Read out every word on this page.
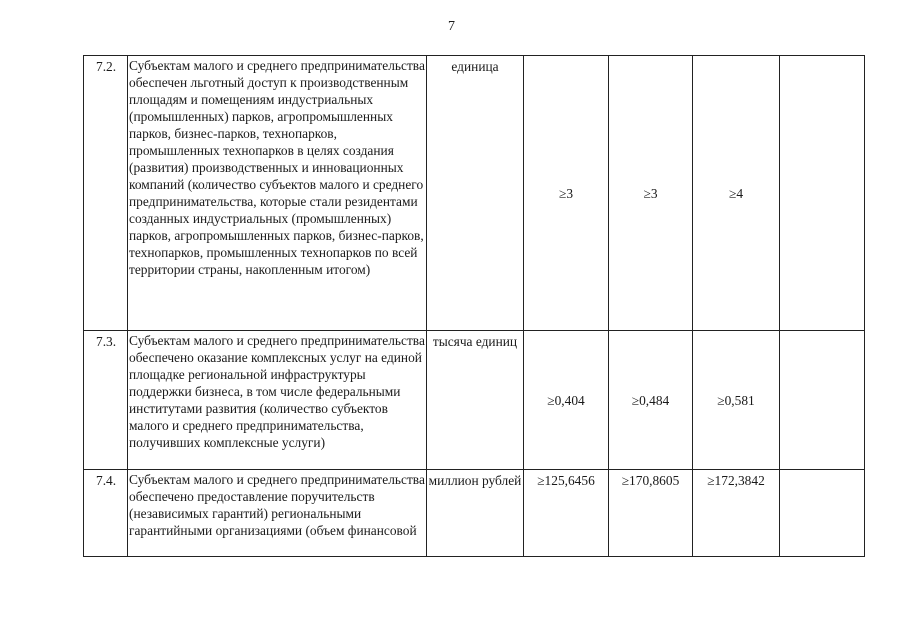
7
7.2.	Субъектам малого и среднего предпринимательства обеспечен льготный доступ к производственным площадям и помещениям индустриальных (промышленных) парков, агропромышленных парков, бизнес-парков, технопарков, промышленных технопарков в целях создания (развития) производственных и инновационных компаний (количество субъектов малого и среднего предпринимательства, которые стали резидентами созданных индустриальных (промышленных) парков, агропромышленных парков, бизнес-парков, технопарков, промышленных технопарков по всей территории страны, накопленным итогом)	единица	≥3	≥3	≥4	
7.3.	Субъектам малого и среднего предпринимательства обеспечено оказание комплексных услуг на единой площадке региональной инфраструктуры поддержки бизнеса, в том числе федеральными институтами развития (количество субъектов малого и среднего предпринимательства, получивших комплексные услуги)	тысяча единиц	≥0,404	≥0,484	≥0,581	
7.4.	Субъектам малого и среднего предпринимательства обеспечено предоставление поручительств (независимых гарантий) региональными гарантийными организациями (объем финансовой	миллион рублей	≥125,6456	≥170,8605	≥172,3842	
